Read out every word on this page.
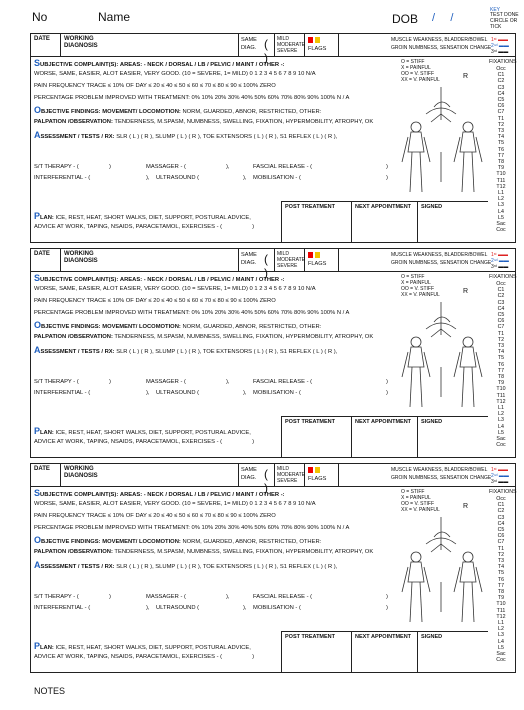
No	Name	DOB /     /
KEY
TEST DONE CIRCLE OR TICK
DATE WORKING DIAGNOSIS
SAME
DIAG. ( )
MILD
MODERATE
SEVERE FLAGS
MUSCLE WEAKNESS, BLADDER/BOWEL
GROIN NUMBNESS, SENSATION CHANGE
1ˢᵗ ▬▬
2ⁿᵈ ▬▬
3ʳᵈ ▬▬
SUBJECTIVE COMPLAINT(S): AREAS: - NECK / DORSAL / LB / PELVIC / MAINT / OTHER -:
WORSE, SAME, EASIER, ALOT EASIER, VERY GOOD. (10 = SEVERE, 1= MILD) 0 1 2 3 4 5 6 7 8 9 10 N/A
PAIN FREQUENCY TRACE ≤ 10% OF DAY ≤ 20 ≤ 40 ≤ 50 ≤ 60 ≤ 70 ≤ 80 ≤ 90 ≤ 100% ZERO
PERCENTAGE PROBLEM IMPROVED WITH TREATMENT: 0% 10% 20% 30% 40% 50% 60% 70% 80% 90% 100% N / A
OBJECTIVE FINDINGS: MOVEMENT/ LOCOMOTION: NORM, GUARDED, ABNOR, RESTRICTED, OTHER:
PALPATION /OBSERVATION: TENDERNESS, M.SPASM, NUMBNESS, SWELLING, FIXATION, HYPERMOBILITY, ATROPHY, OK
ASSESSMENT / TESTS / RX: SLR ( L ) ( R ), SLUMP ( L ) ( R ), TOE EXTENSORS ( L ) ( R ), S1 REFLEX ( L ) ( R ),
O = STIFF
X = PAINFUL
OO = V. STIFF
XX = V. PAINFUL	R
S/T THERAPY - (	)	MASSAGER - (	),	FASCIAL RELEASE - (	)
INTERFERENTIAL - (	), ULTRASOUND (	), MOBILISATION - (	)
PLAN: ICE, REST, HEAT, SHORT WALKS, DIET, SUPPORT, POSTURAL ADVICE,
ADVICE AT WORK, TAPING, NSAIDS, PARACETAMOL, EXERCISES - (	)
POST TREATMENT	NEXT APPOINTMENT SIGNED
FIXATIONS
Occ
C1
C2
C3
C4
C5
C6
C7
T1
T2
T3
T4
T5
T6
T7
T8
T9
T10
T11
T12
L1
L2
L3
L4
L5
Sac
Coc
DATE WORKING DIAGNOSIS
SAME
DIAG. ( )
MILD
MODERATE
SEVERE FLAGS
MUSCLE WEAKNESS, BLADDER/BOWEL
GROIN NUMBNESS, SENSATION CHANGE
1ˢᵗ ▬▬
2ⁿᵈ ▬▬
3ʳᵈ ▬▬
SUBJECTIVE COMPLAINT(S): AREAS: - NECK / DORSAL / LB / PELVIC / MAINT / OTHER -:
WORSE, SAME, EASIER, ALOT EASIER, VERY GOOD. (10 = SEVERE, 1= MILD) 0 1 2 3 4 5 6 7 8 9 10 N/A
PAIN FREQUENCY TRACE ≤ 10% OF DAY ≤ 20 ≤ 40 ≤ 50 ≤ 60 ≤ 70 ≤ 80 ≤ 90 ≤ 100% ZERO
PERCENTAGE PROBLEM IMPROVED WITH TREATMENT: 0% 10% 20% 30% 40% 50% 60% 70% 80% 90% 100% N / A
OBJECTIVE FINDINGS: MOVEMENT/ LOCOMOTION: NORM, GUARDED, ABNOR, RESTRICTED, OTHER:
PALPATION /OBSERVATION: TENDERNESS, M.SPASM, NUMBNESS, SWELLING, FIXATION, HYPERMOBILITY, ATROPHY, OK
ASSESSMENT / TESTS / RX: SLR ( L ) ( R ), SLUMP ( L ) ( R ), TOE EXTENSORS ( L ) ( R ), S1 REFLEX ( L ) ( R ),
O = STIFF
X = PAINFUL
OO = V. STIFF
XX = V. PAINFUL	R
S/T THERAPY - (	)	MASSAGER - (	),	FASCIAL RELEASE - (	)
INTERFERENTIAL - (	), ULTRASOUND (	), MOBILISATION - (	)
PLAN: ICE, REST, HEAT, SHORT WALKS, DIET, SUPPORT, POSTURAL ADVICE,
ADVICE AT WORK, TAPING, NSAIDS, PARACETAMOL, EXERCISES - (	)
POST TREATMENT	NEXT APPOINTMENT SIGNED
FIXATIONS
Occ
C1
C2
C3
C4
C5
C6
C7
T1
T2
T3
T4
T5
T6
T7
T8
T9
T10
T11
T12
L1
L2
L3
L4
L5
Sac
Coc
DATE WORKING DIAGNOSIS
SAME
DIAG. ( )
MILD
MODERATE
SEVERE FLAGS
MUSCLE WEAKNESS, BLADDER/BOWEL
GROIN NUMBNESS, SENSATION CHANGE
1ˢᵗ ▬▬
2ⁿᵈ ▬▬
3ʳᵈ ▬▬
SUBJECTIVE COMPLAINT(S): AREAS: - NECK / DORSAL / LB / PELVIC / MAINT / OTHER -:
WORSE, SAME, EASIER, ALOT EASIER, VERY GOOD. (10 = SEVERE, 1= MILD) 0 1 2 3 4 5 6 7 8 9 10 N/A
PAIN FREQUENCY TRACE ≤ 10% OF DAY ≤ 20 ≤ 40 ≤ 50 ≤ 60 ≤ 70 ≤ 80 ≤ 90 ≤ 100% ZERO
PERCENTAGE PROBLEM IMPROVED WITH TREATMENT: 0% 10% 20% 30% 40% 50% 60% 70% 80% 90% 100% N / A
OBJECTIVE FINDINGS: MOVEMENT/ LOCOMOTION: NORM, GUARDED, ABNOR, RESTRICTED, OTHER:
PALPATION /OBSERVATION: TENDERNESS, M.SPASM, NUMBNESS, SWELLING, FIXATION, HYPERMOBILITY, ATROPHY, OK
ASSESSMENT / TESTS / RX: SLR ( L ) ( R ), SLUMP ( L ) ( R ), TOE EXTENSORS ( L ) ( R ), S1 REFLEX ( L ) ( R ),
O = STIFF
X = PAINFUL
OO = V. STIFF
XX = V. PAINFUL	R
S/T THERAPY - (	)	MASSAGER - (	),	FASCIAL RELEASE - (	)
INTERFERENTIAL - (	), ULTRASOUND (	), MOBILISATION - (	)
PLAN: ICE, REST, HEAT, SHORT WALKS, DIET, SUPPORT, POSTURAL ADVICE,
ADVICE AT WORK, TAPING, NSAIDS, PARACETAMOL, EXERCISES - (	)
POST TREATMENT	NEXT APPOINTMENT SIGNED
FIXATIONS
Occ
C1
C2
C3
C4
C5
C6
C7
T1
T2
T3
T4
T5
T6
T7
T8
T9
T10
T11
T12
L1
L2
L3
L4
L5
Sac
Coc
NOTES
